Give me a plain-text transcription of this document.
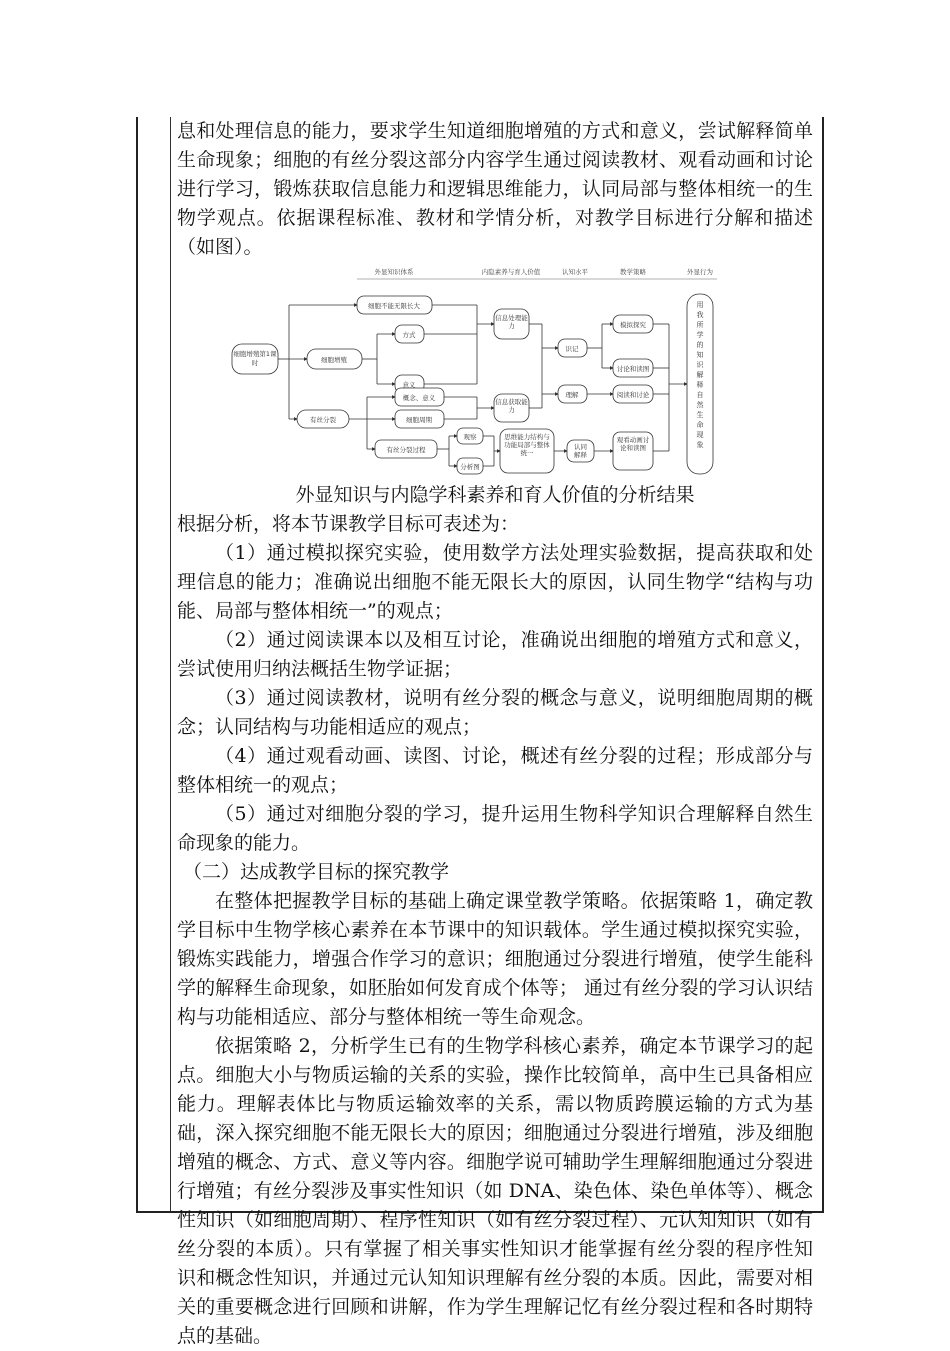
息和处理信息的能力，要求学生知道细胞增殖的方式和意义，尝试解释简单生命现象；细胞的有丝分裂这部分内容学生通过阅读教材、观看动画和讨论进行学习，锻炼获取信息能力和逻辑思维能力，认同局部与整体相统一的生物学观点。依据课程标准、教材和学情分析，对教学目标进行分解和描述（如图）。

外显知识体系	内隐素养与育人价值	认知水平	教学策略	外显行为
细胞增殖第1课时
细胞不能无限长大
细胞增殖
方式
意义
有丝分裂
概念、意义
细胞周期
有丝分裂过程
观察
分析图
信息处理能力
信息获取能力
思维能力结构与功能局部与整体统一
识记
理解
认同解释
模拟探究
讨论和读图
阅读和讨论
观看动画讨论和读图
用我所学的知识解释自然生命现象

外显知识与内隐学科素养和育人价值的分析结果

根据分析，将本节课教学目标可表述为：

（1）通过模拟探究实验，使用数学方法处理实验数据，提高获取和处理信息的能力；准确说出细胞不能无限长大的原因，认同生物学“结构与功能、局部与整体相统一”的观点；

（2）通过阅读课本以及相互讨论，准确说出细胞的增殖方式和意义，尝试使用归纳法概括生物学证据；

（3）通过阅读教材，说明有丝分裂的概念与意义，说明细胞周期的概念；认同结构与功能相适应的观点；

（4）通过观看动画、读图、讨论，概述有丝分裂的过程；形成部分与整体相统一的观点；

（5）通过对细胞分裂的学习，提升运用生物科学知识合理解释自然生命现象的能力。

（二）达成教学目标的探究教学

在整体把握教学目标的基础上确定课堂教学策略。依据策略 1，确定教学目标中生物学核心素养在本节课中的知识载体。学生通过模拟探究实验，锻炼实践能力，增强合作学习的意识；细胞通过分裂进行增殖，使学生能科学的解释生命现象，如胚胎如何发育成个体等； 通过有丝分裂的学习认识结构与功能相适应、部分与整体相统一等生命观念。

依据策略 2，分析学生已有的生物学科核心素养，确定本节课学习的起点。细胞大小与物质运输的关系的实验，操作比较简单，高中生已具备相应能力。理解表体比与物质运输效率的关系，需以物质跨膜运输的方式为基础，深入探究细胞不能无限长大的原因；细胞通过分裂进行增殖，涉及细胞增殖的概念、方式、意义等内容。细胞学说可辅助学生理解细胞通过分裂进行增殖；有丝分裂涉及事实性知识（如 DNA、染色体、染色单体等）、概念性知识（如细胞周期）、程序性知识（如有丝分裂过程）、元认知知识（如有丝分裂的本质）。只有掌握了相关事实性知识才能掌握有丝分裂的程序性知识和概念性知识，并通过元认知知识理解有丝分裂的本质。因此，需要对相关的重要概念进行回顾和讲解，作为学生理解记忆有丝分裂过程和各时期特点的基础。
